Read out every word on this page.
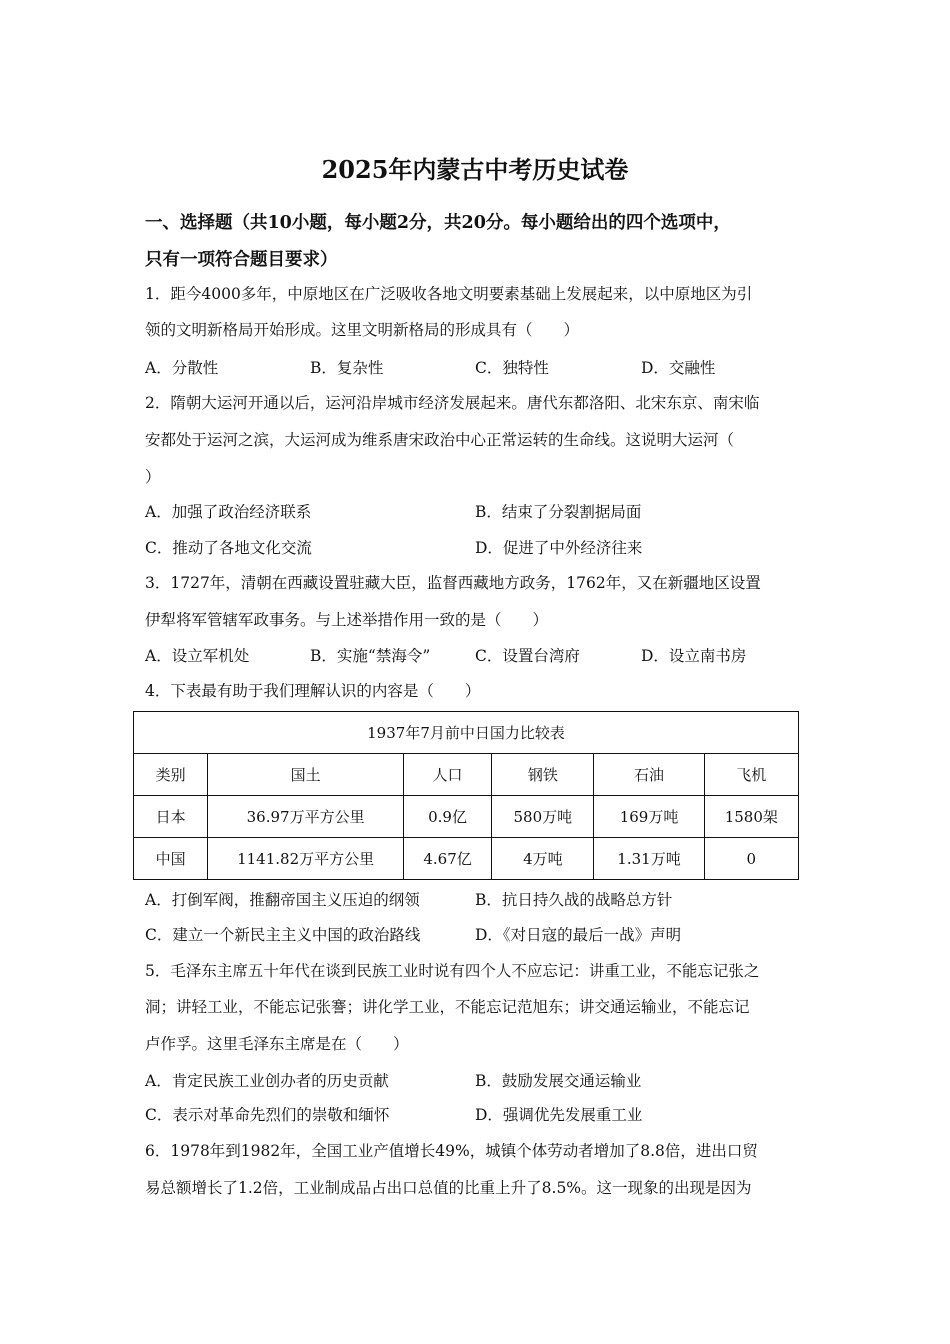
2025年内蒙古中考历史试卷
一、选择题（共10小题，每小题2分，共20分。每小题给出的四个选项中，
只有一项符合题目要求）
1．距今4000多年，中原地区在广泛吸收各地文明要素基础上发展起来，以中原地区为引
领的文明新格局开始形成。这里文明新格局的形成具有（　　）
A．分散性	B．复杂性	C．独特性	D．交融性
2．隋朝大运河开通以后，运河沿岸城市经济发展起来。唐代东都洛阳、北宋东京、南宋临
安都处于运河之滨，大运河成为维系唐宋政治中心正常运转的生命线。这说明大运河（
）
A．加强了政治经济联系	B．结束了分裂割据局面
C．推动了各地文化交流	D．促进了中外经济往来
3．1727年，清朝在西藏设置驻藏大臣，监督西藏地方政务，1762年，又在新疆地区设置
伊犁将军管辖军政事务。与上述举措作用一致的是（　　）
A．设立军机处	B．实施“禁海令”	C．设置台湾府	D．设立南书房
4．下表最有助于我们理解认识的内容是（　　）
1937年7月前中日国力比较表					
类别	国土	人口	钢铁	石油	飞机
日本	36.97万平方公里	0.9亿	580万吨	169万吨	1580架
中国	1141.82万平方公里	4.67亿	4万吨	1.31万吨	0
A．打倒军阀，推翻帝国主义压迫的纲领	B．抗日持久战的战略总方针
C．建立一个新民主主义中国的政治路线	D．《对日寇的最后一战》声明
5．毛泽东主席五十年代在谈到民族工业时说有四个人不应忘记：讲重工业，不能忘记张之
洞；讲轻工业，不能忘记张謇；讲化学工业，不能忘记范旭东；讲交通运输业，不能忘记
卢作孚。这里毛泽东主席是在（　　）
A．肯定民族工业创办者的历史贡献	B．鼓励发展交通运输业
C．表示对革命先烈们的崇敬和缅怀	D．强调优先发展重工业
6．1978年到1982年，全国工业产值增长49%，城镇个体劳动者增加了8.8倍，进出口贸
易总额增长了1.2倍，工业制成品占出口总值的比重上升了8.5%。这一现象的出现是因为
